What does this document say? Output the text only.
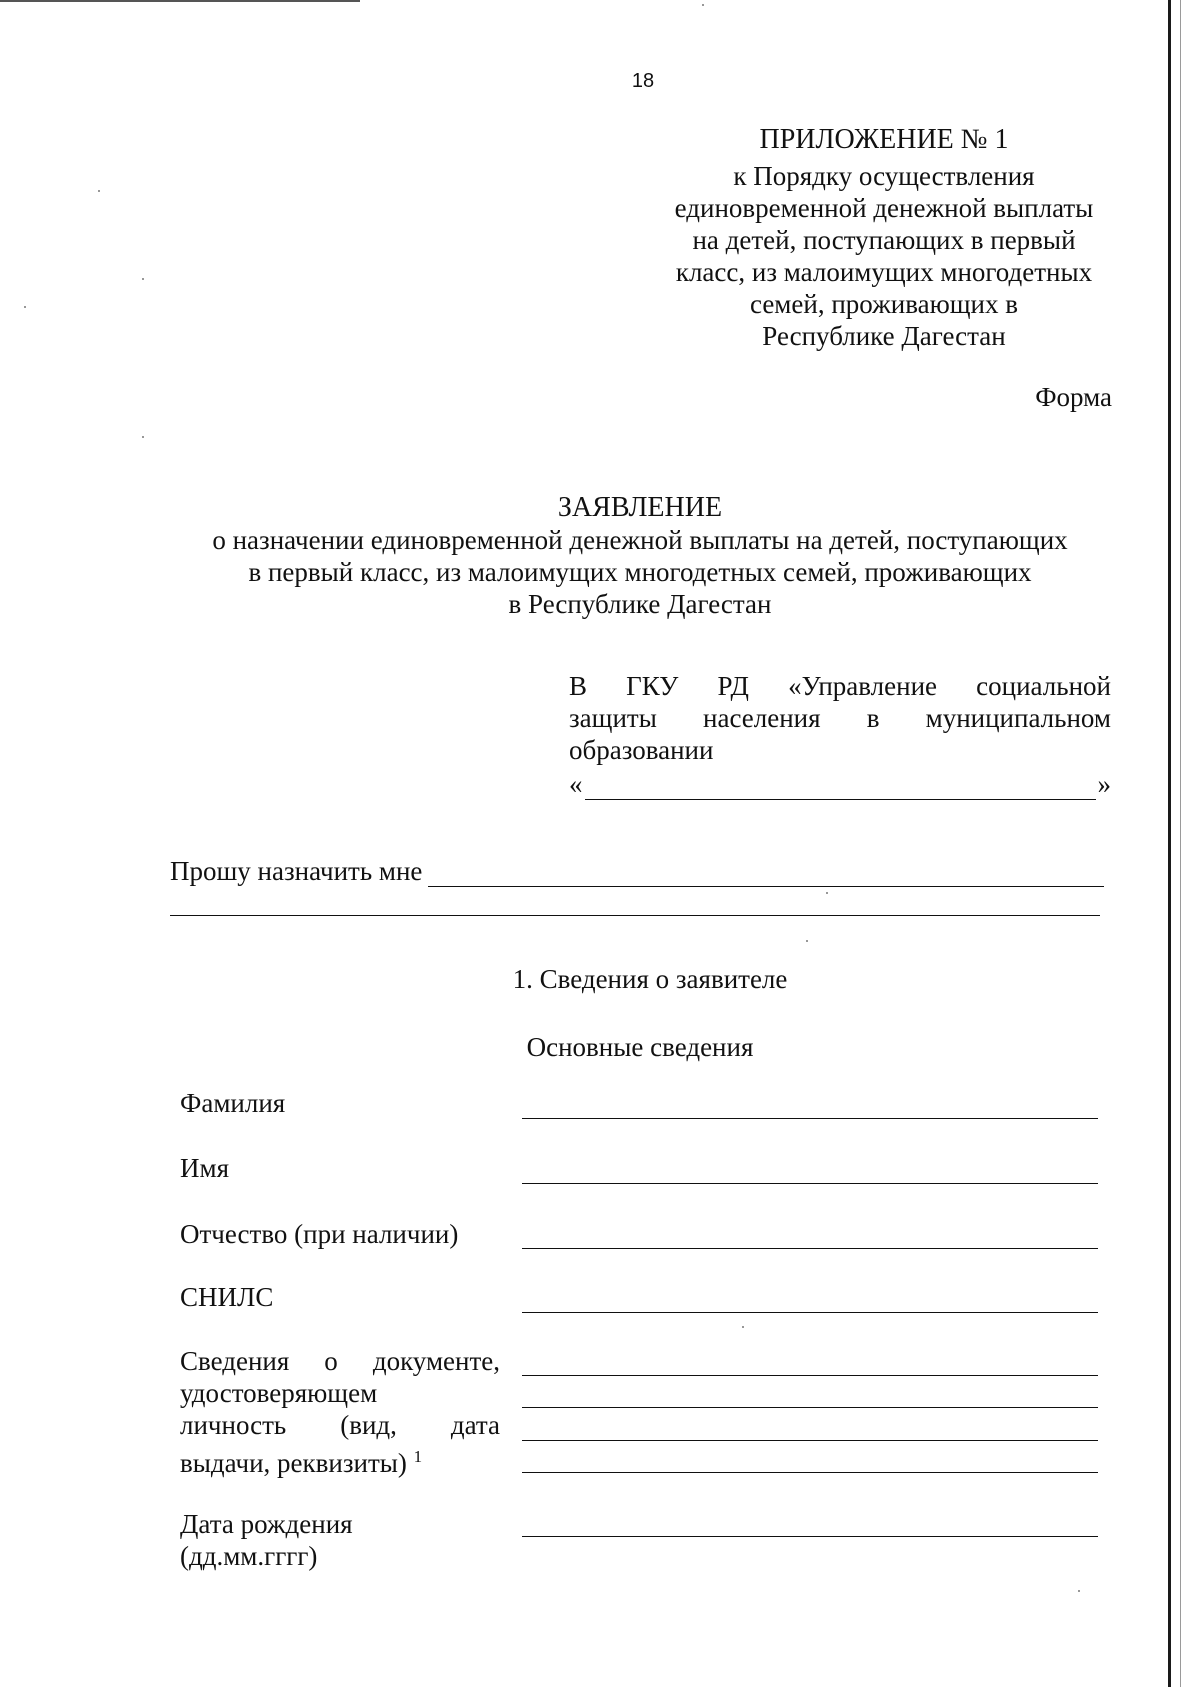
18
ПРИЛОЖЕНИЕ № 1
к Порядку осуществления
единовременной денежной выплаты
на детей, поступающих в первый
класс, из малоимущих многодетных
семей, проживающих в
Республике Дагестан
Форма
ЗАЯВЛЕНИЕ
о назначении единовременной денежной выплаты на детей, поступающих
в первый класс, из малоимущих многодетных семей, проживающих
в Республике Дагестан
В ГКУ РД «Управление социальной
защиты населения в муниципальном
образовании
«	»
Прошу назначить мне
1. Сведения о заявителе
Основные сведения
Фамилия
Имя
Отчество (при наличии)
СНИЛС
Сведения о документе,
удостоверяющем
личность (вид, дата
выдачи, реквизиты) $^1$
Дата рождения
(дд.мм.гггг)
